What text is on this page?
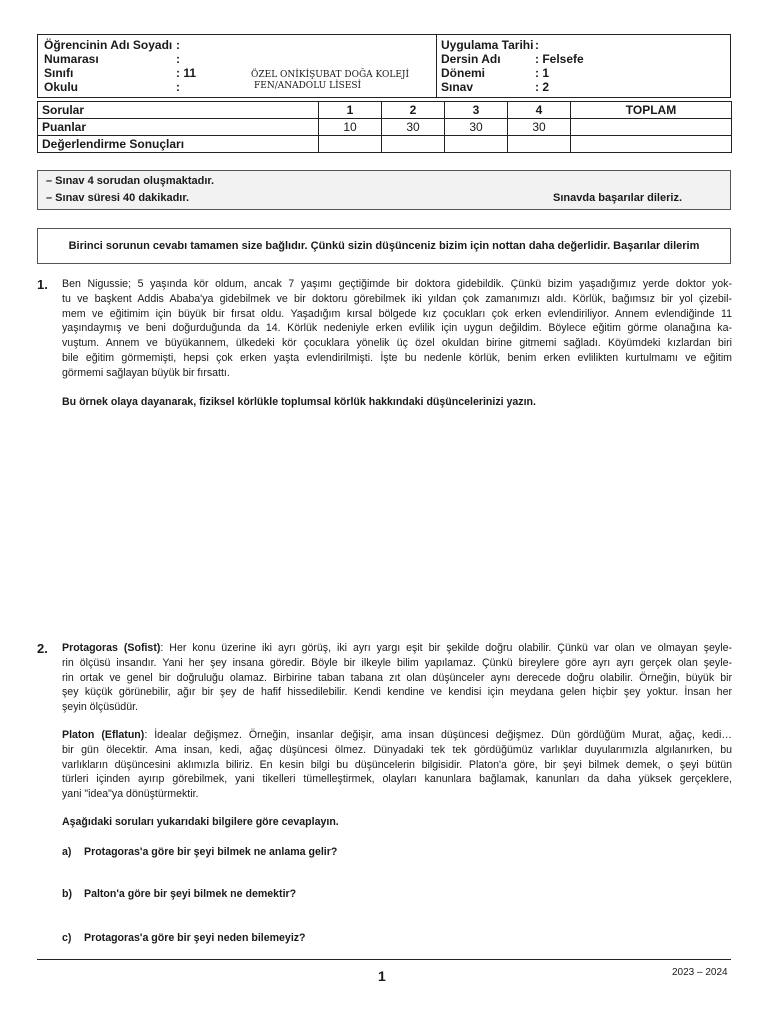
Öğrencinin Adı Soyadı :
Numarası	:
Sınıfı	: 11
Okulu	:
ÖZEL ONİKİŞUBAT DOĞA KOLEJİ
FEN/ANADOLU LİSESİ
Uygulama Tarihi :
Dersin Adı	: Felsefe
Dönemi	: 1
Sınav	: 2
Sorular	1	2	3	4	TOPLAM
Puanlar	10	30	30	30	
Değerlendirme Sonuçları					
– Sınav 4 sorudan oluşmaktadır.
– Sınav süresi 40 dakikadır.	Sınavda başarılar dileriz.
Birinci sorunun cevabı tamamen size bağlıdır. Çünkü sizin düşünceniz bizim için nottan daha değerlidir. Başarılar dilerim
1. Ben Nigussie; 5 yaşında kör oldum, ancak 7 yaşımı geçtiğimde bir doktora gidebildik. Çünkü bizim yaşadığımız yerde doktor yok-
tu ve başkent Addis Ababa'ya gidebilmek ve bir doktoru görebilmek iki yıldan çok zamanımızı aldı. Körlük, bağımsız bir yol çizebil-
mem ve eğitimim için büyük bir fırsat oldu. Yaşadığım kırsal bölgede kız çocukları çok erken evlendiriliyor. Annem evlendiğinde 11
yaşındaymış ve beni doğurduğunda da 14. Körlük nedeniyle erken evlilik için uygun değildim. Böylece eğitim görme olanağına ka-
vuştum. Annem ve büyükannem, ülkedeki kör çocuklara yönelik üç özel okuldan birine gitmemi sağladı. Köyümdeki kızlardan biri
bile eğitim görmemişti, hepsi çok erken yaşta evlendirilmişti. İşte bu nedenle körlük, benim erken evlilikten kurtulmamı ve eğitim
görmemi sağlayan büyük bir fırsattı.
Bu örnek olaya dayanarak, fiziksel körlükle toplumsal körlük hakkındaki düşüncelerinizi yazın.
2. Protagoras (Sofist): Her konu üzerine iki ayrı görüş, iki ayrı yargı eşit bir şekilde doğru olabilir. Çünkü var olan ve olmayan şeyle-
rin ölçüsü insandır. Yani her şey insana göredir. Böyle bir ilkeyle bilim yapılamaz. Çünkü bireylere göre ayrı ayrı gerçek olan şeyle-
rin ortak ve genel bir doğruluğu olamaz. Birbirine taban tabana zıt olan düşünceler aynı derecede doğru olabilir. Örneğin, büyük bir
şey küçük görünebilir, ağır bir şey de hafif hissedilebilir. Kendi kendine ve kendisi için meydana gelen hiçbir şey yoktur. İnsan her
şeyin ölçüsüdür.
Platon (Eflatun): İdealar değişmez. Örneğin, insanlar değişir, ama insan düşüncesi değişmez. Dün gördüğüm Murat, ağaç, kedi…
bir gün ölecektir. Ama insan, kedi, ağaç düşüncesi ölmez. Dünyadaki tek tek gördüğümüz varlıklar duyularımızla algılanırken, bu
varlıkların düşüncesini aklımızla biliriz. En kesin bilgi bu düşüncelerin bilgisidir. Platon'a göre, bir şeyi bilmek demek, o şeyi bütün
türleri içinden ayırıp görebilmek, yani tikelleri tümelleştirmek, olayları kanunlara bağlamak, kanunları da daha yüksek gerçeklere,
yani "idea"ya dönüştürmektir.
Aşağıdaki soruları yukarıdaki bilgilere göre cevaplayın.
a) Protagoras'a göre bir şeyi bilmek ne anlama gelir?
b) Palton'a göre bir şeyi bilmek ne demektir?
c) Protagoras'a göre bir şeyi neden bilemeyiz?
1	2023 – 2024
